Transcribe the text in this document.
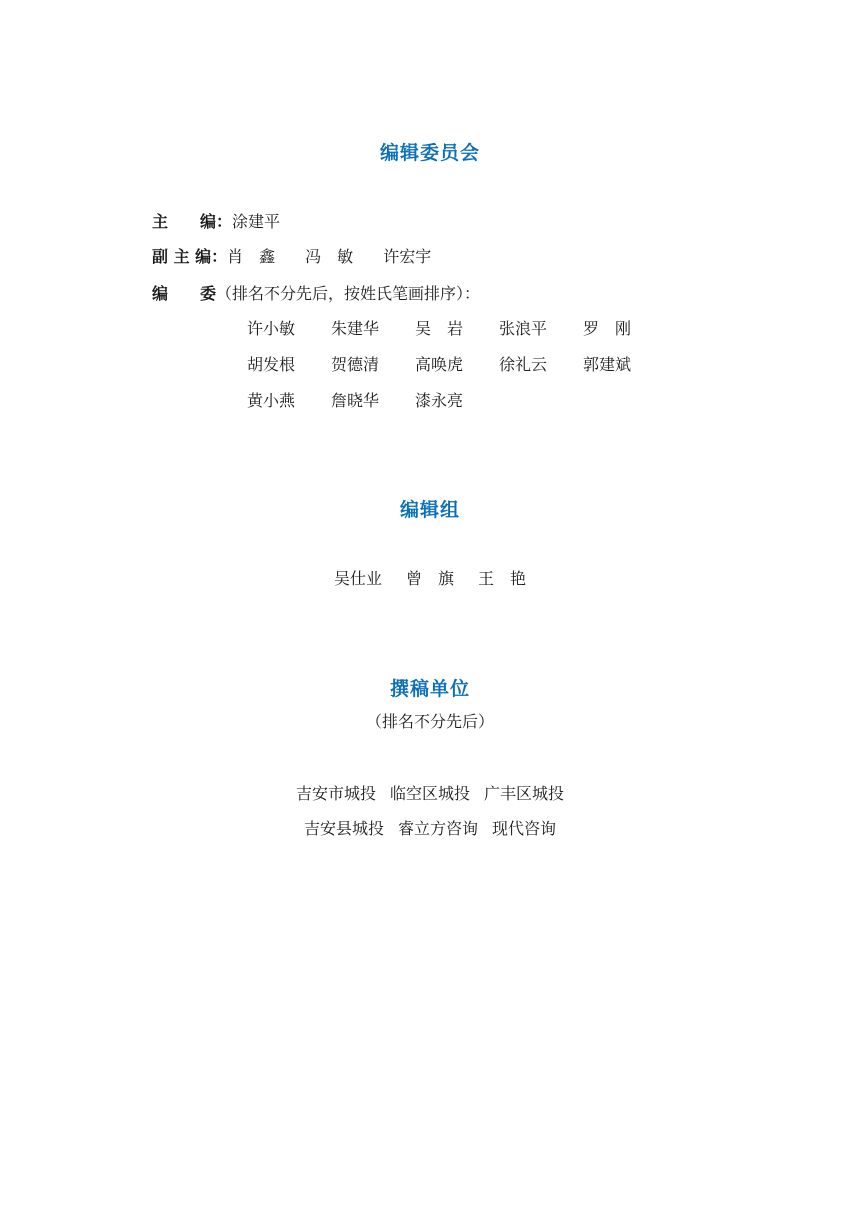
编辑委员会
主　　编：涂建平
副 主 编：肖　鑫 冯　敏 许宏宇
编　　委（排名不分先后，按姓氏笔画排序）：
许小敏 朱建华 吴　岩 张浪平 罗　刚
胡发根 贺德清 高唤虎 徐礼云 郭建斌
黄小燕 詹晓华 漆永亮
编辑组
吴仕业 曾　旗 王　艳
撰稿单位
（排名不分先后）
吉安市城投 临空区城投 广丰区城投
吉安县城投 睿立方咨询 现代咨询
